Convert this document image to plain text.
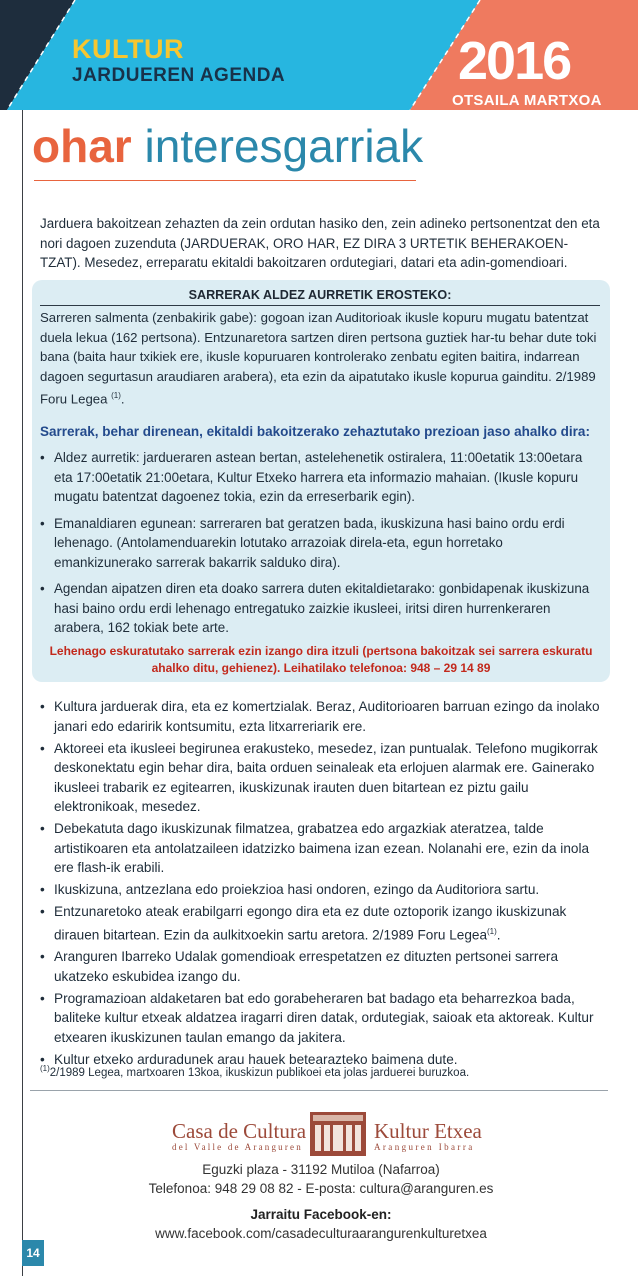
KULTUR
JARDUEREN AGENDA	2016
OTSAILA MARTXOA
ohar interesgarriak
Jarduera bakoitzean zehazten da zein ordutan hasiko den, zein adineko pertsonentzat den eta nori dagoen zuzenduta (JARDUERAK, ORO HAR, EZ DIRA 3 URTETIK BEHERAKOEN-TZAT). Mesedez, erreparatu ekitaldi bakoitzaren ordutegiari, datari eta adin-gomendioari.
SARRERAK ALDEZ AURRETIK EROSTEKO:
Sarreren salmenta (zenbakirik gabe): gogoan izan Auditorioak ikusle kopuru mugatu batentzat duela lekua (162 pertsona). Entzunaretora sartzen diren pertsona guztiek har-tu behar dute toki bana (baita haur txikiek ere, ikusle kopuruaren kontrolerako zenbatu egiten baitira, indarrean dagoen segurtasun araudiaren arabera), eta ezin da aipatutako ikusle kopurua gainditu. 2/1989 Foru Legea $^{(1)}$.
Sarrerak, behar direnean, ekitaldi bakoitzerako zehaztutako prezioan jaso ahalko dira:
• Aldez aurretik: jardueraren astean bertan, astelehenetik ostiralera, 11:00etatik 13:00etara eta 17:00etatik 21:00etara, Kultur Etxeko harrera eta informazio mahaian. (Ikusle kopuru mugatu batentzat dagoenez tokia, ezin da erreserbarik egin).
• Emanaldiaren egunean: sarreraren bat geratzen bada, ikuskizuna hasi baino ordu erdi lehenago. (Antolamenduarekin lotutako arrazoiak direla-eta, egun horretako emankizunerako sarrerak bakarrik salduko dira).
• Agendan aipatzen diren eta doako sarrera duten ekitaldietarako: gonbidapenak ikuskizuna hasi baino ordu erdi lehenago entregatuko zaizkie ikusleei, iritsi diren hurrenkeraren arabera, 162 tokiak bete arte.
Lehenago eskuratutako sarrerak ezin izango dira itzuli (pertsona bakoitzak sei sarrera eskuratu ahalko ditu, gehienez). Leihatilako telefonoa: 948 – 29 14 89
• Kultura jarduerak dira, eta ez komertzialak. Beraz, Auditorioaren barruan ezingo da inolako janari edo edaririk kontsumitu, ezta litxarreriarik ere.
• Aktoreei eta ikusleei begirunea erakusteko, mesedez, izan puntualak. Telefono mugikorrak deskonektatu egin behar dira, baita orduen seinaleak eta erlojuen alarmak ere. Gainerako ikusleei trabarik ez egitearren, ikuskizunak irauten duen bitartean ez piztu gailu elektronikoak, mesedez.
• Debekatuta dago ikuskizunak filmatzea, grabatzea edo argazkiak ateratzea, talde artistikoaren eta antolatzaileen idatzizko baimena izan ezean. Nolanahi ere, ezin da inola ere flash-ik erabili.
• Ikuskizuna, antzezlana edo proiekzioa hasi ondoren, ezingo da Auditoriora sartu.
• Entzunaretoko ateak erabilgarri egongo dira eta ez dute oztoporik izango ikuskizunak dirauen bitartean. Ezin da aulkitxoekin sartu aretora. 2/1989 Foru Legea$^{(1)}$.
• Aranguren Ibarreko Udalak gomendioak errespetatzen ez dituzten pertsonei sarrera ukatzeko eskubidea izango du.
• Programazioan aldaketaren bat edo gorabeheraren bat badago eta beharrezkoa bada, baliteke kultur etxeak aldatzea iragarri diren datak, ordutegiak, saioak eta aktoreak. Kultur etxearen ikuskizunen taulan emango da jakitera.
• Kultur etxeko arduradunek arau hauek betearazteko baimena dute.
$^{(1)}$2/1989 Legea, martxoaren 13koa, ikuskizun publikoei eta jolas jarduerei buruzkoa.
Casa de Cultura
del Valle de Aranguren
Kultur Etxea
Aranguren Ibarra
Eguzki plaza - 31192 Mutiloa (Nafarroa)
Telefonoa: 948 29 08 82 - E-posta: cultura@aranguren.es
Jarraitu Facebook-en:
www.facebook.com/casadeculturaarangurenkulturetxea
14
